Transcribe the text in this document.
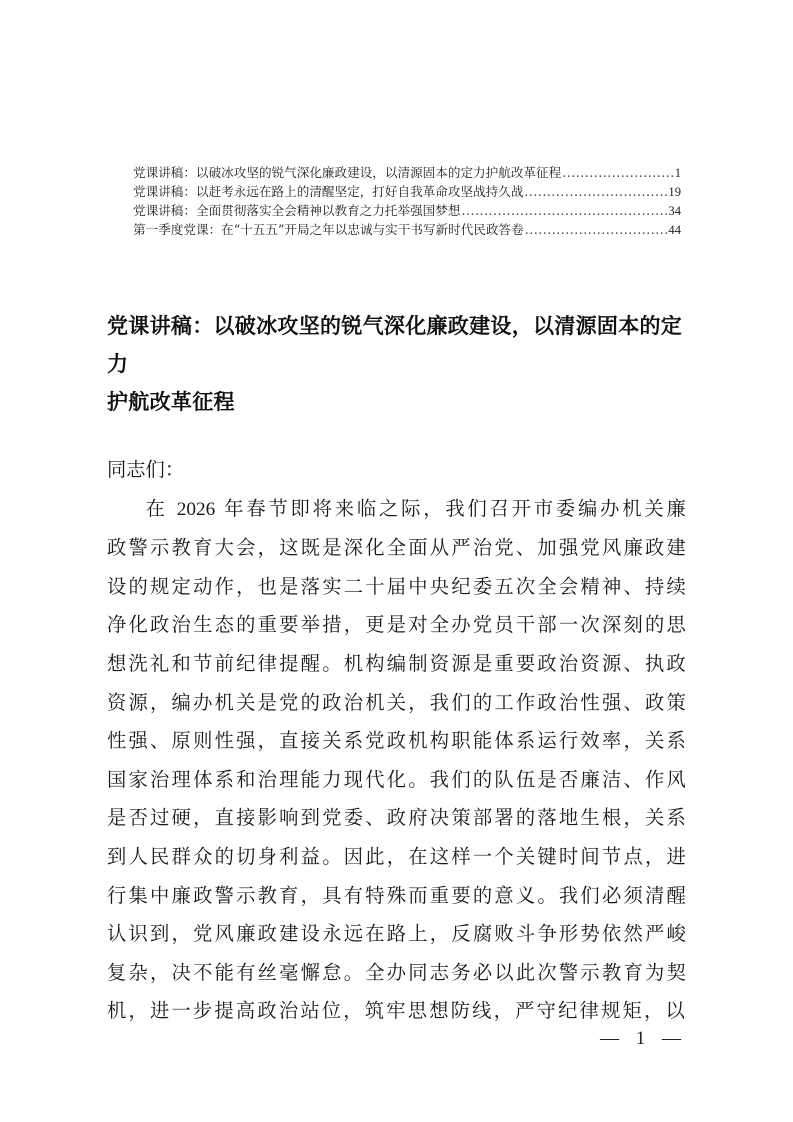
党课讲稿：以破冰攻坚的锐气深化廉政建设，以清源固本的定力护航改革征程 .....	1
党课讲稿：以赶考永远在路上的清醒坚定，打好自我革命攻坚战持久战 .....	19
党课讲稿：全面贯彻落实全会精神以教育之力托举强国梦想 .....	34
第一季度党课：在“十五五”开局之年以忠诚与实干书写新时代民政答卷 .....	44
党课讲稿：以破冰攻坚的锐气深化廉政建设，以清源固本的定力
护航改革征程

同志们：

在 2026 年春节即将来临之际，我们召开市委编办机关廉政警示教育大会，这既是深化全面从严治党、加强党风廉政建设的规定动作，也是落实二十届中央纪委五次全会精神、持续净化政治生态的重要举措，更是对全办党员干部一次深刻的思想洗礼和节前纪律提醒。机构编制资源是重要政治资源、执政资源，编办机关是党的政治机关，我们的工作政治性强、政策性强、原则性强，直接关系党政机构职能体系运行效率，关系国家治理体系和治理能力现代化。我们的队伍是否廉洁、作风是否过硬，直接影响到党委、政府决策部署的落地生根，关系到人民群众的切身利益。因此，在这样一个关键时间节点，进行集中廉政警示教育，具有特殊而重要的意义。我们必须清醒认识到，党风廉政建设永远在路上，反腐败斗争形势依然严峻复杂，决不能有丝毫懈怠。全办同志务必以此次警示教育为契机，进一步提高政治站位，筑牢思想防线，严守纪律规矩，以

— 1 —
